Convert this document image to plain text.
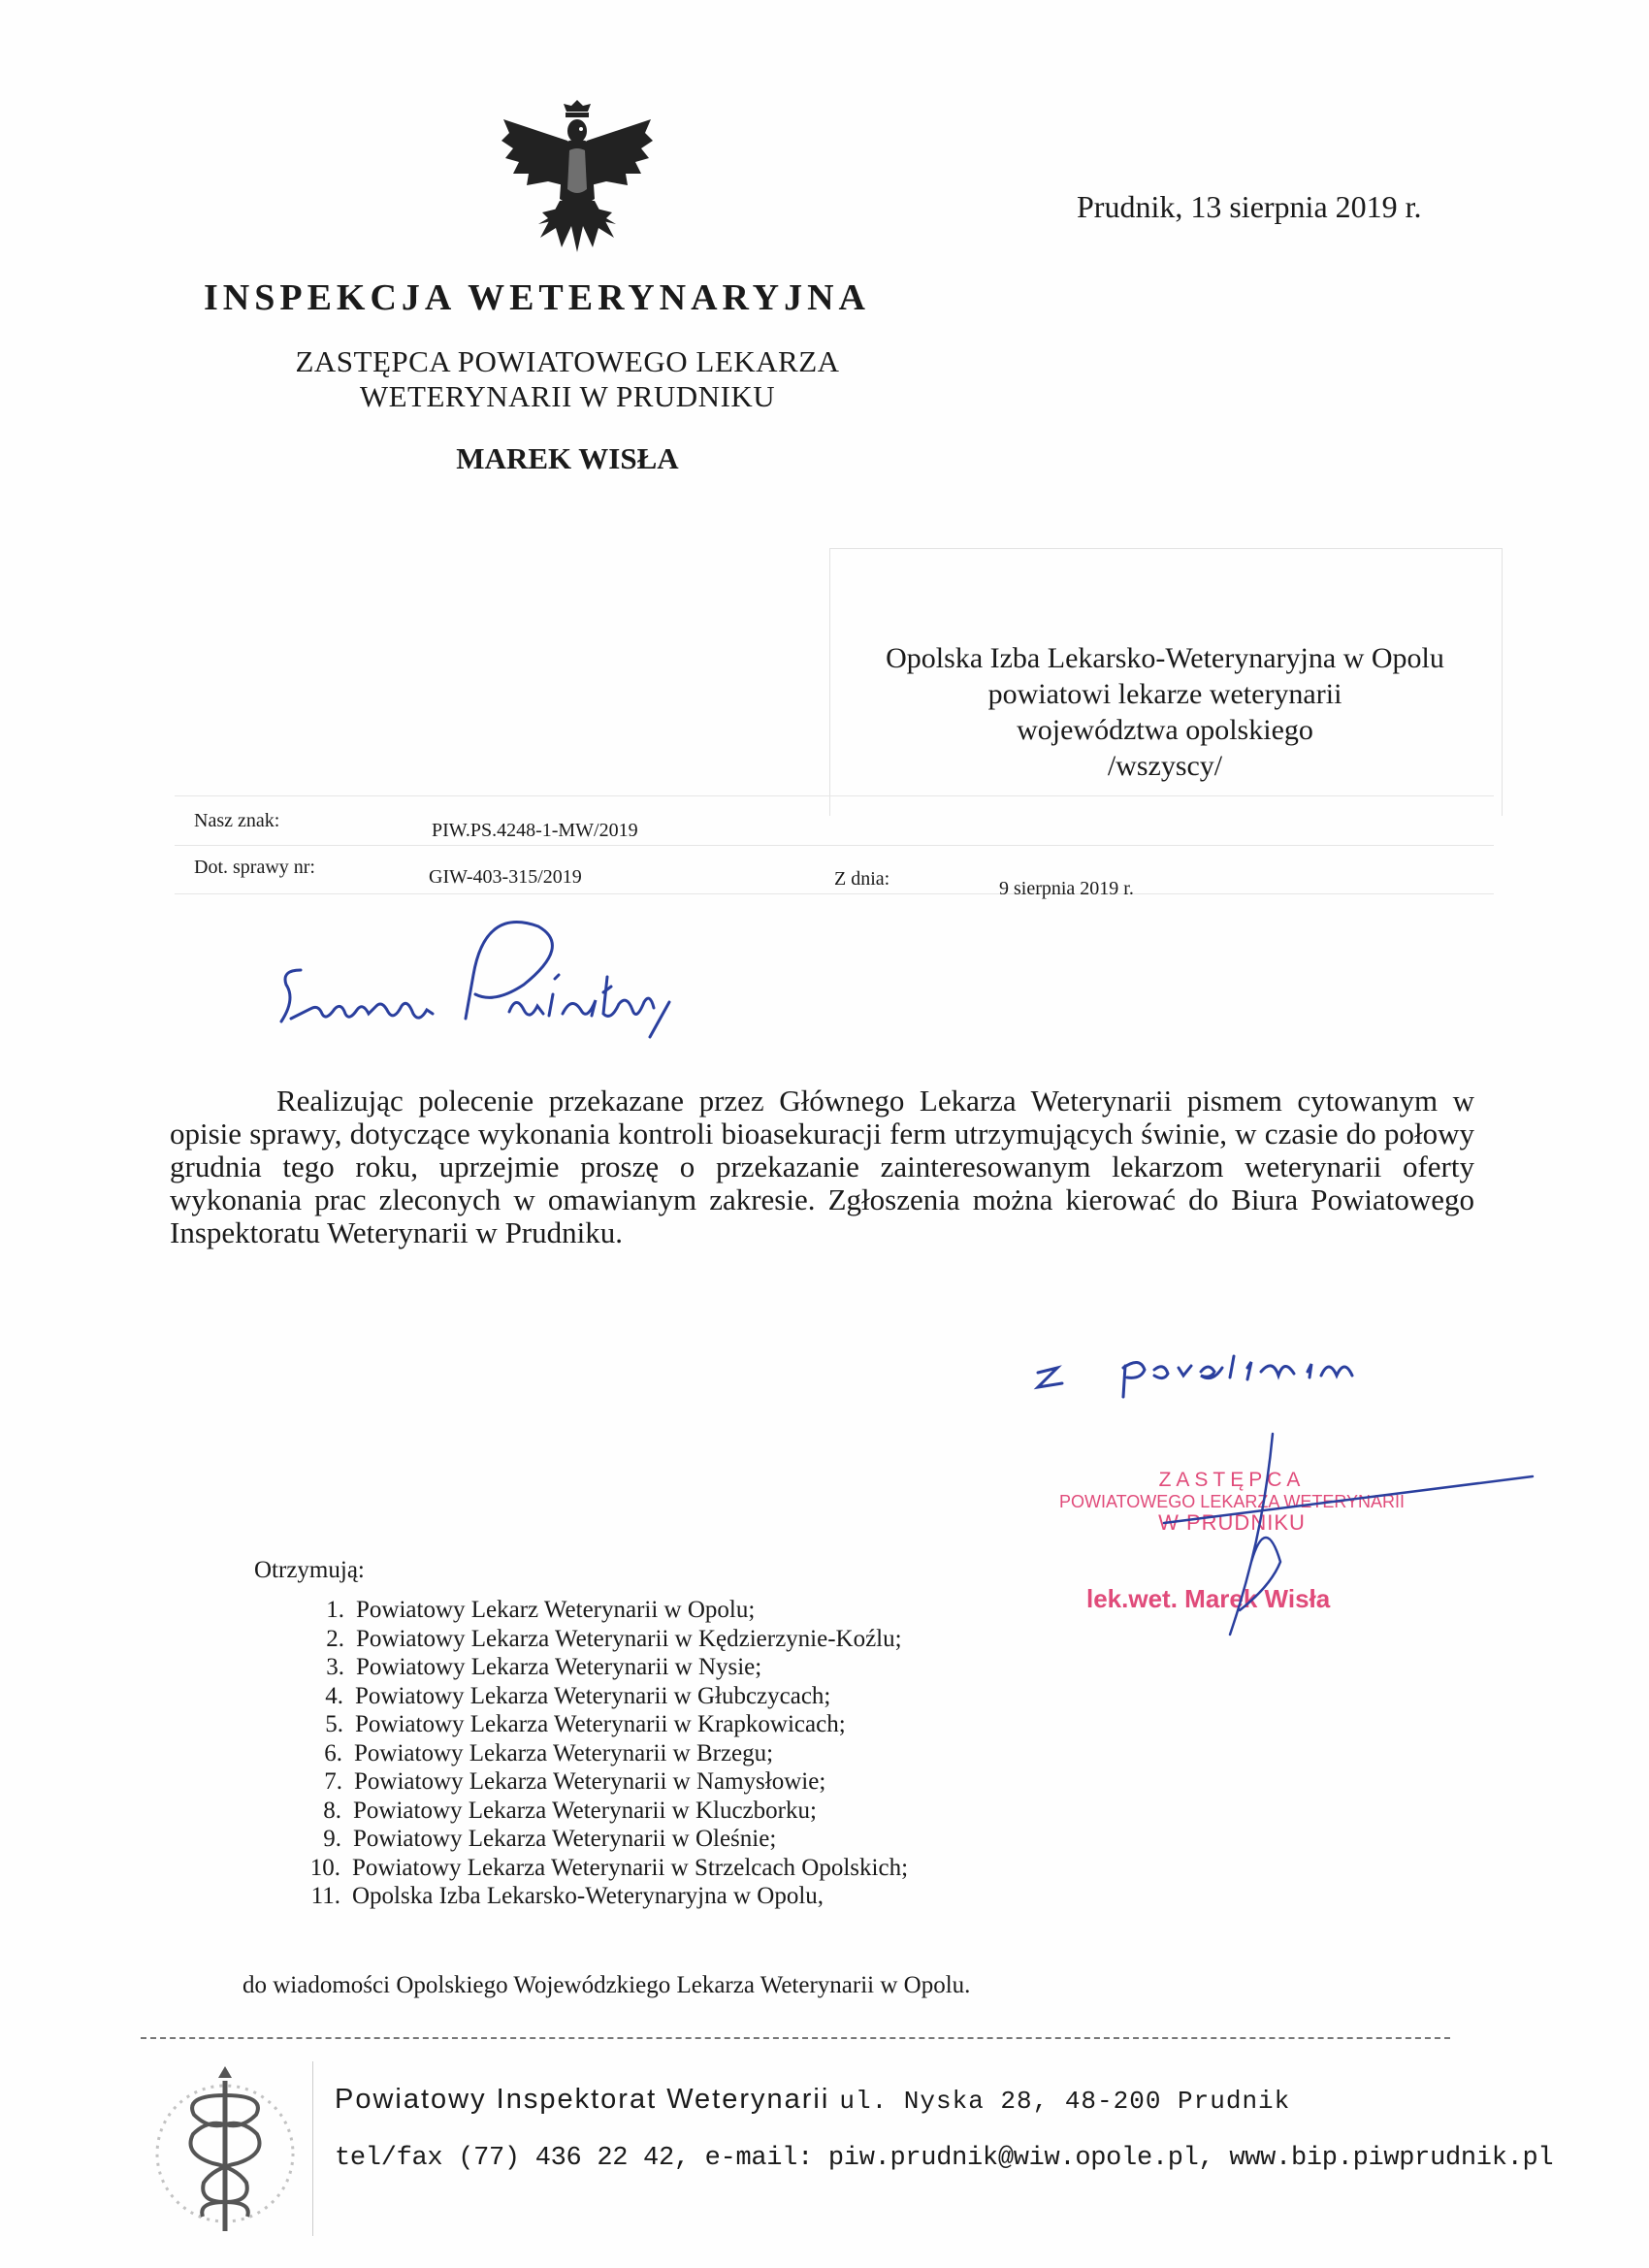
INSPEKCJA WETERYNARYJNA
ZASTĘPCA POWIATOWEGO LEKARZA
WETERYNARII W PRUDNIKU
MAREK WISŁA
Prudnik, 13 sierpnia 2019 r.
Opolska Izba Lekarsko-Weterynaryjna w Opolu
powiatowi lekarze weterynarii
województwa opolskiego
/wszyscy/
Nasz znak:	PIW.PS.4248-1-MW/2019
Dot. sprawy nr:	GIW-403-315/2019	Z dnia:	9 sierpnia 2019 r.

Realizując polecenie przekazane przez Głównego Lekarza Weterynarii pismem cytowanym w opisie sprawy, dotyczące wykonania kontroli bioasekuracji ferm utrzymujących świnie, w czasie do połowy grudnia tego roku, uprzejmie proszę o przekazanie zainteresowanym lekarzom weterynarii oferty wykonania prac zleconych w omawianym zakresie. Zgłoszenia można kierować do Biura Powiatowego Inspektoratu Weterynarii w Prudniku.

ZASTĘPCA
POWIATOWEGO LEKARZA WETERYNARII
W PRUDNIKU
lek.wet. Marek Wisła
Otrzymują:
1. Powiatowy Lekarz Weterynarii w Opolu;
2. Powiatowy Lekarza Weterynarii w Kędzierzynie-Koźlu;
3. Powiatowy Lekarza Weterynarii w Nysie;
4. Powiatowy Lekarza Weterynarii w Głubczycach;
5. Powiatowy Lekarza Weterynarii w Krapkowicach;
6. Powiatowy Lekarza Weterynarii w Brzegu;
7. Powiatowy Lekarza Weterynarii w Namysłowie;
8. Powiatowy Lekarza Weterynarii w Kluczborku;
9. Powiatowy Lekarza Weterynarii w Oleśnie;
10. Powiatowy Lekarza Weterynarii w Strzelcach Opolskich;
11. Opolska Izba Lekarsko-Weterynaryjna w Opolu,
do wiadomości Opolskiego Wojewódzkiego Lekarza Weterynarii w Opolu.
Powiatowy Inspektorat Weterynarii ul. Nyska 28, 48-200 Prudnik
tel/fax (77) 436 22 42, e-mail: piw.prudnik@wiw.opole.pl, www.bip.piwprudnik.pl
